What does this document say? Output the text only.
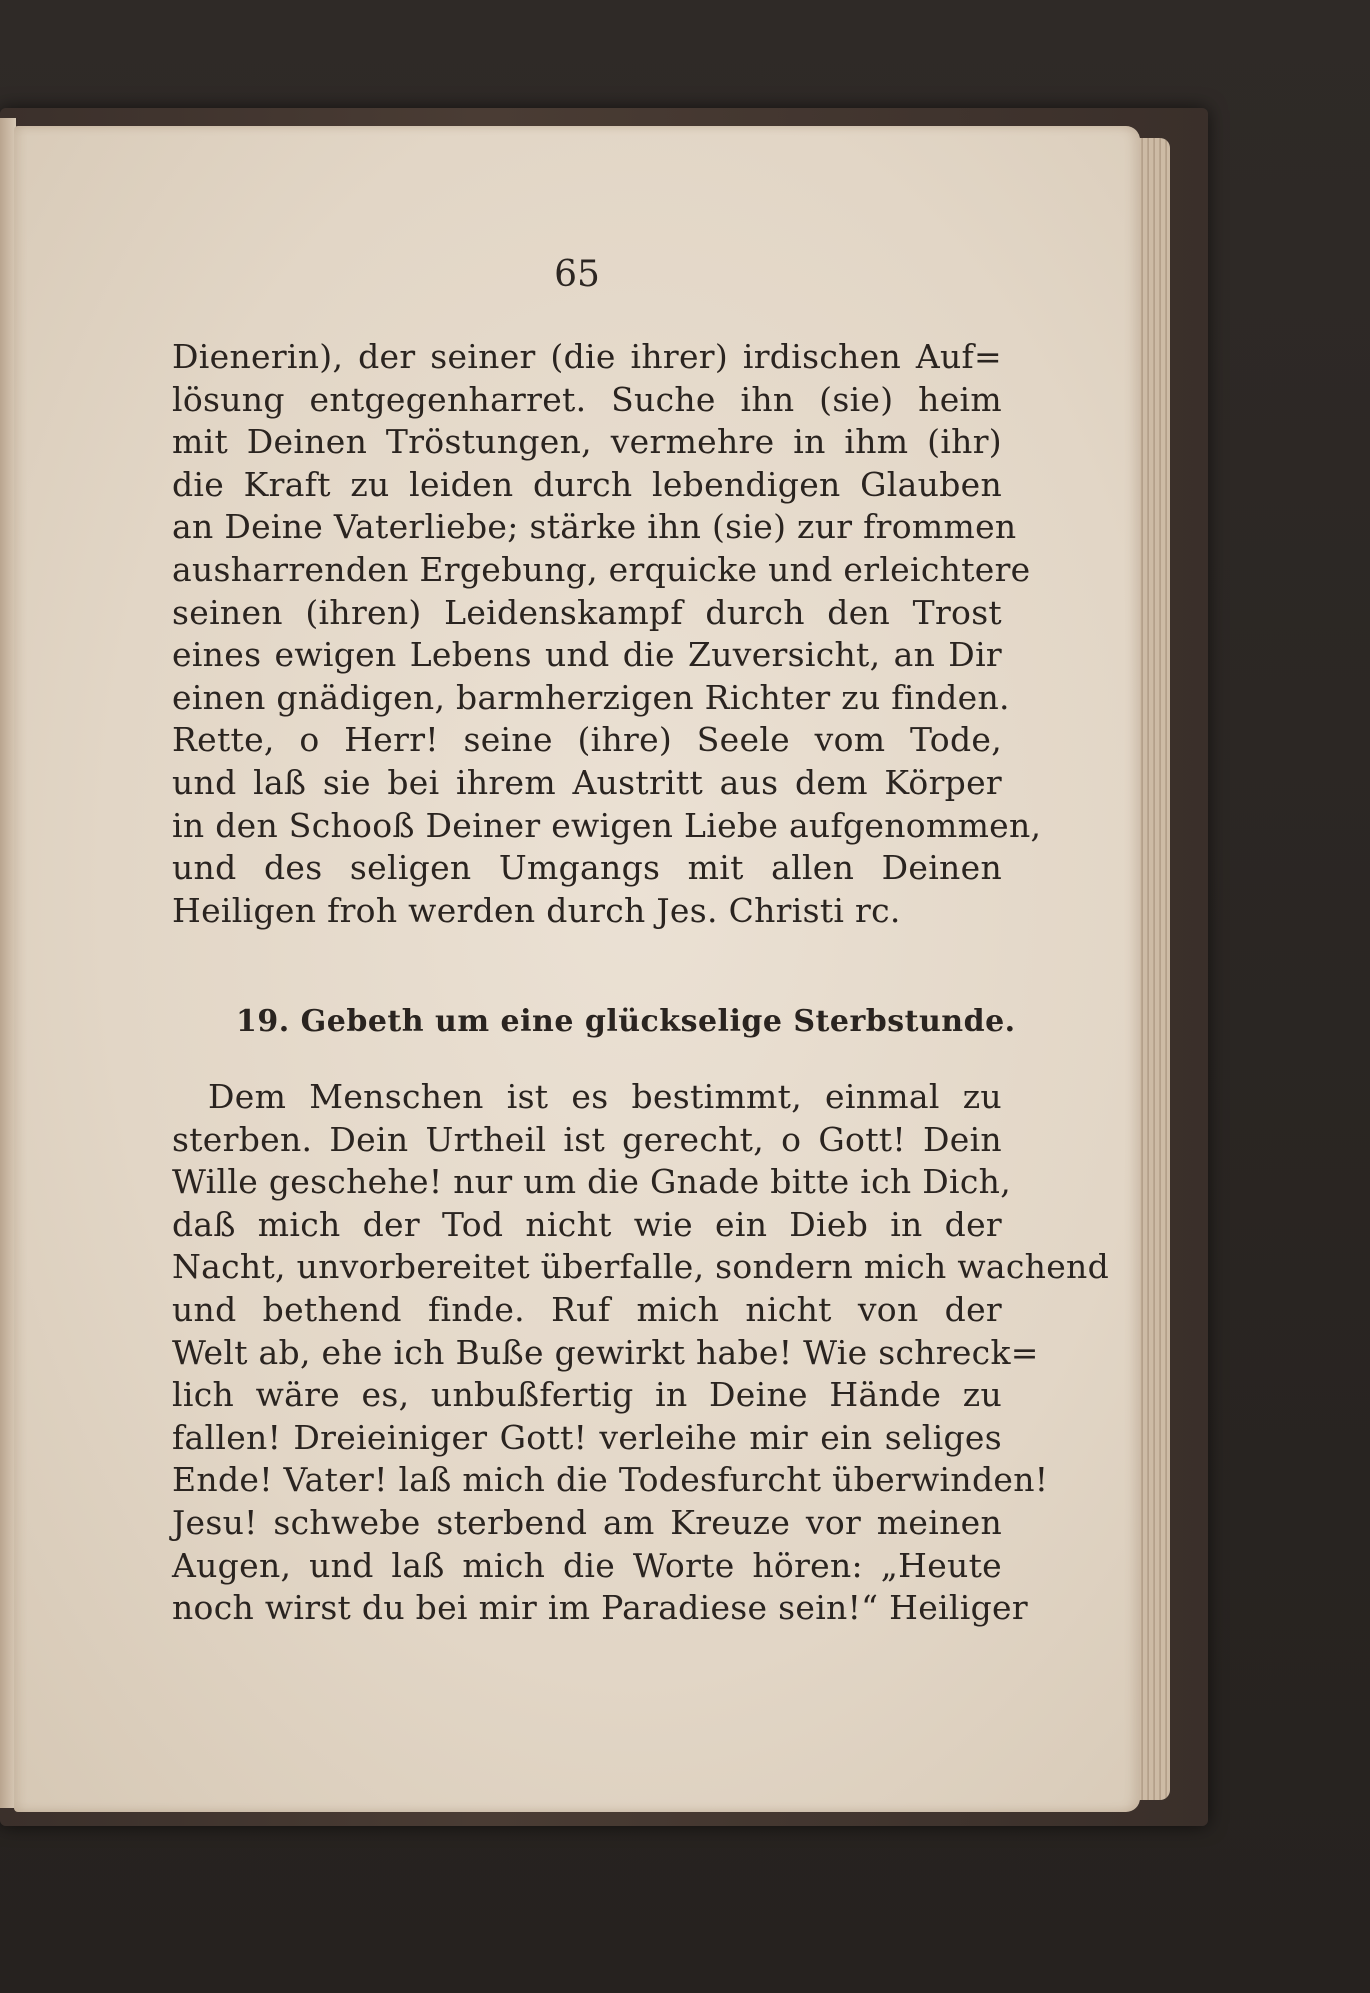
65

Dienerin), der seiner (die ihrer) irdischen Auf=
lösung entgegenharret. Suche ihn (sie) heim
mit Deinen Tröstungen, vermehre in ihm (ihr)
die Kraft zu leiden durch lebendigen Glauben
an Deine Vaterliebe; stärke ihn (sie) zur frommen
ausharrenden Ergebung, erquicke und erleichtere
seinen (ihren) Leidenskampf durch den Trost
eines ewigen Lebens und die Zuversicht, an Dir
einen gnädigen, barmherzigen Richter zu finden.
Rette, o Herr! seine (ihre) Seele vom Tode,
und laß sie bei ihrem Austritt aus dem Körper
in den Schooß Deiner ewigen Liebe aufgenommen,
und des seligen Umgangs mit allen Deinen
Heiligen froh werden durch Jes. Christi rc.

19. Gebeth um eine glückselige Sterbstunde.

Dem Menschen ist es bestimmt, einmal zu
sterben. Dein Urtheil ist gerecht, o Gott! Dein
Wille geschehe! nur um die Gnade bitte ich Dich,
daß mich der Tod nicht wie ein Dieb in der
Nacht, unvorbereitet überfalle, sondern mich wachend
und bethend finde. Ruf mich nicht von der
Welt ab, ehe ich Buße gewirkt habe! Wie schreck=
lich wäre es, unbußfertig in Deine Hände zu
fallen! Dreieiniger Gott! verleihe mir ein seliges
Ende! Vater! laß mich die Todesfurcht überwinden!
Jesu! schwebe sterbend am Kreuze vor meinen
Augen, und laß mich die Worte hören: „Heute
noch wirst du bei mir im Paradiese sein!“ Heiliger
